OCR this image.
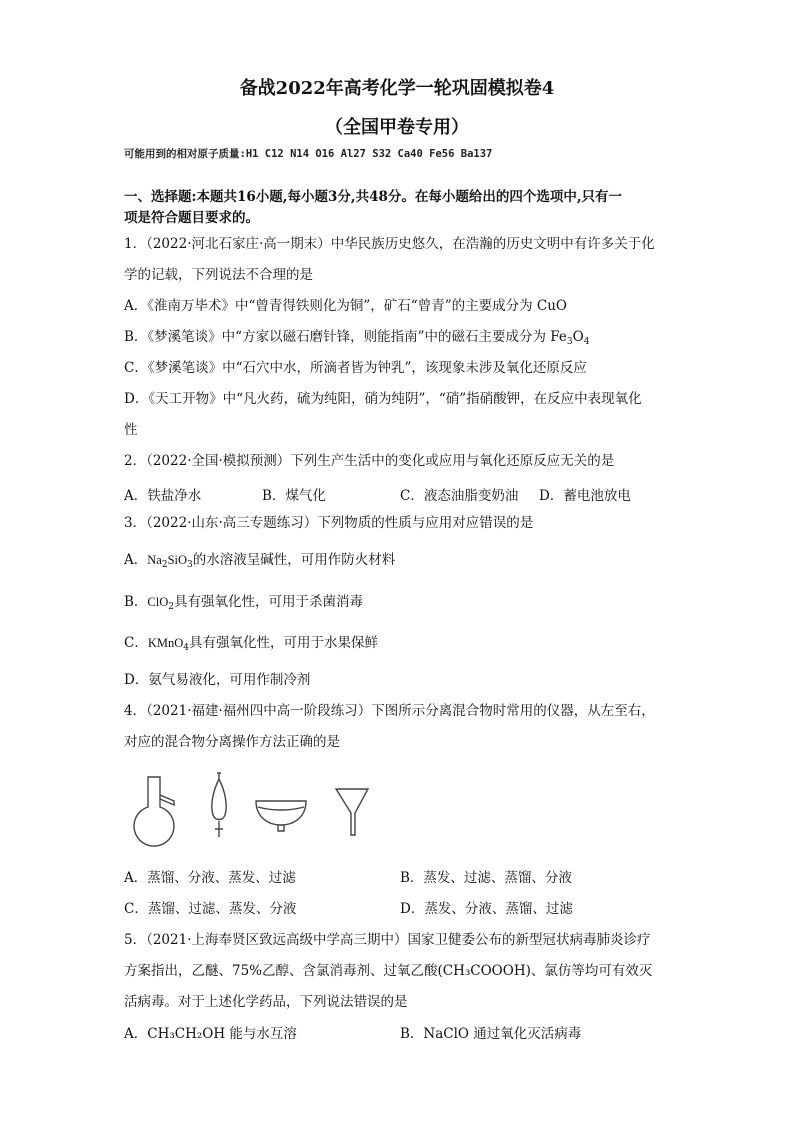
备战2022年高考化学一轮巩固模拟卷4
（全国甲卷专用）
可能用到的相对原子质量:H1 C12 N14 O16 Al27 S32 Ca40 Fe56 Ba137
一、选择题:本题共16小题,每小题3分,共48分。在每小题给出的四个选项中,只有一
项是符合题目要求的。
1．（2022·河北石家庄·高一期末）中华民族历史悠久，在浩瀚的历史文明中有许多关于化
学的记载，下列说法不合理的是
A．《淮南万毕术》中“曾青得铁则化为铜”，矿石“曾青”的主要成分为 CuO
B．《梦溪笔谈》中“方家以磁石磨针锋，则能指南”中的磁石主要成分为 $Fe_3O_4$
C．《梦溪笔谈》中“石穴中水，所滴者皆为钟乳”，该现象未涉及氧化还原反应
D．《天工开物》中“凡火药，硫为纯阳，硝为纯阴”，“硝”指硝酸钾，在反应中表现氧化
性
2．（2022·全国·模拟预测）下列生产生活中的变化或应用与氧化还原反应无关的是
A．铁盐净水	B．煤气化	C．液态油脂变奶油 D．蓄电池放电
3．（2022·山东·高三专题练习）下列物质的性质与应用对应错误的是
A．$Na_2SiO_3$的水溶液呈碱性，可用作防火材料
B．ClO$_2$具有强氧化性，可用于杀菌消毒
C．KMnO$_4$具有强氧化性，可用于水果保鲜
D．氨气易液化，可用作制冷剂
4．（2021·福建·福州四中高一阶段练习）下图所示分离混合物时常用的仪器，从左至右，
对应的混合物分离操作方法正确的是
A．蒸馏、分液、蒸发、过滤	B．蒸发、过滤、蒸馏、分液
C．蒸馏、过滤、蒸发、分液	D．蒸发、分液、蒸馏、过滤
5．（2021·上海奉贤区致远高级中学高三期中）国家卫健委公布的新型冠状病毒肺炎诊疗
方案指出，乙醚、75%乙醇、含氯消毒剂、过氧乙酸(CH₃COOOH)、氯仿等均可有效灭
活病毒。对于上述化学药品，下列说法错误的是
A．CH₃CH₂OH 能与水互溶	B．NaClO 通过氧化灭活病毒
